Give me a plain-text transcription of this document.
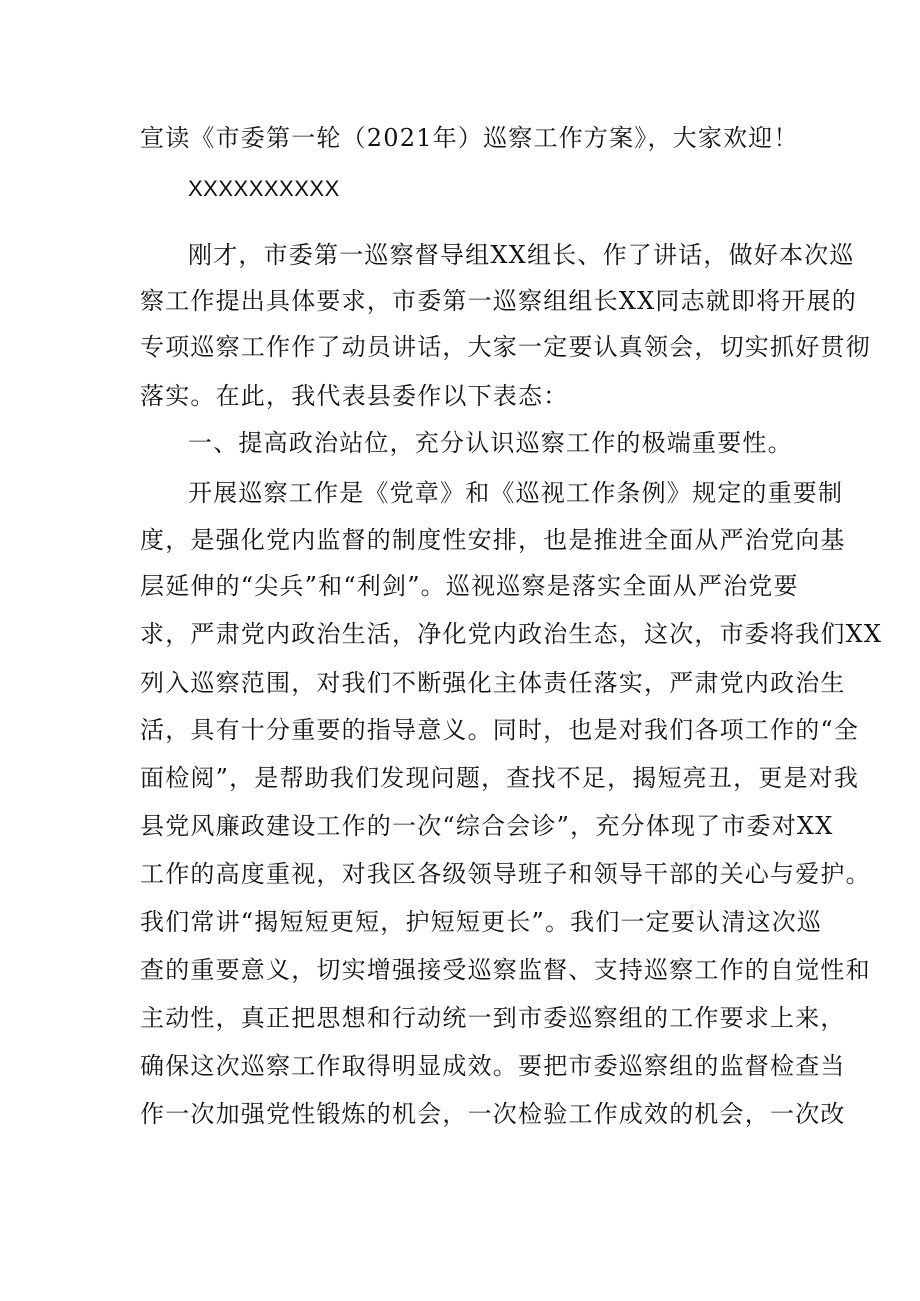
宣读《市委第一轮（2021年）巡察工作方案》，大家欢迎！
XXXXXXXXXX
刚才，市委第一巡察督导组XX组长、作了讲话，做好本次巡
察工作提出具体要求，市委第一巡察组组长XX同志就即将开展的
专项巡察工作作了动员讲话，大家一定要认真领会，切实抓好贯彻
落实。在此，我代表县委作以下表态：
一、提高政治站位，充分认识巡察工作的极端重要性。
开展巡察工作是《党章》和《巡视工作条例》规定的重要制
度，是强化党内监督的制度性安排，也是推进全面从严治党向基
层延伸的“尖兵”和“利剑”。巡视巡察是落实全面从严治党要
求，严肃党内政治生活，净化党内政治生态，这次，市委将我们XX
列入巡察范围，对我们不断强化主体责任落实，严肃党内政治生
活，具有十分重要的指导意义。同时，也是对我们各项工作的“全
面检阅”，是帮助我们发现问题，查找不足，揭短亮丑，更是对我
县党风廉政建设工作的一次“综合会诊”，充分体现了市委对XX
工作的高度重视，对我区各级领导班子和领导干部的关心与爱护。
我们常讲“揭短短更短，护短短更长”。我们一定要认清这次巡
查的重要意义，切实增强接受巡察监督、支持巡察工作的自觉性和
主动性，真正把思想和行动统一到市委巡察组的工作要求上来，
确保这次巡察工作取得明显成效。要把市委巡察组的监督检查当
作一次加强党性锻炼的机会，一次检验工作成效的机会，一次改
